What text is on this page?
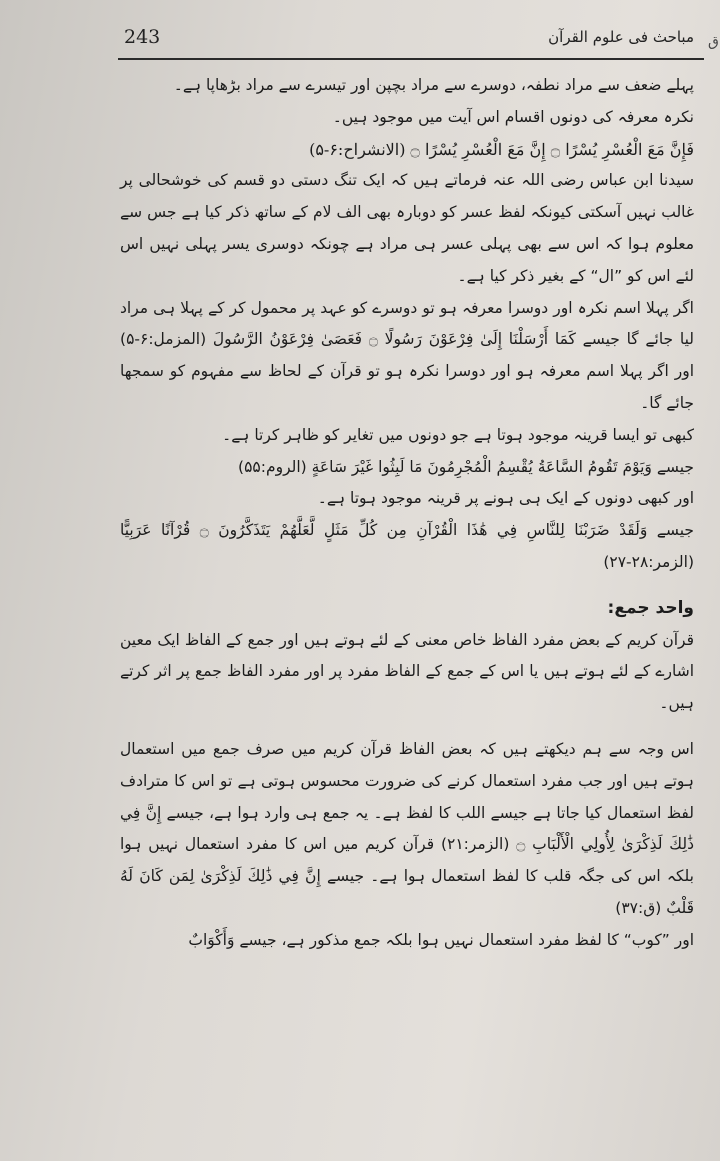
243	مباحث فی علوم القرآن ق

پہلے ضعف سے مراد نطفہ، دوسرے سے مراد بچپن اور تیسرے سے مراد بڑھاپا ہے۔

نکرہ معرفہ کی دونوں اقسام اس آیت میں موجود ہیں۔

فَإِنَّ مَعَ الْعُسْرِ يُسْرًا ۝ إِنَّ مَعَ الْعُسْرِ يُسْرًا ۝ (الانشراح:۶-۵)

سیدنا ابن عباس رضی اللہ عنہ فرماتے ہیں کہ ایک تنگ دستی دو قسم کی خوشحالی پر غالب نہیں آسکتی کیونکہ لفظ عسر کو دوبارہ بھی الف لام کے ساتھ ذکر کیا ہے جس سے معلوم ہوا کہ اس سے بھی پہلی عسر ہی مراد ہے چونکہ دوسری یسر پہلی نہیں اس لئے اس کو ”ال“ کے بغیر ذکر کیا ہے۔

اگر پہلا اسم نکرہ اور دوسرا معرفہ ہو تو دوسرے کو عہد پر محمول کر کے پہلا ہی مراد لیا جائے گا جیسے كَمَا أَرْسَلْنَا إِلَىٰ فِرْعَوْنَ رَسُولًا ۝ فَعَصَىٰ فِرْعَوْنُ الرَّسُولَ (المزمل:۶-۵) اور اگر پہلا اسم معرفہ ہو اور دوسرا نکرہ ہو تو قرآن کے لحاظ سے مفہوم کو سمجھا جائے گا۔

کبھی تو ایسا قرینہ موجود ہوتا ہے جو دونوں میں تغایر کو ظاہر کرتا ہے۔

جیسے وَيَوْمَ تَقُومُ السَّاعَةُ يُقْسِمُ الْمُجْرِمُونَ مَا لَبِثُوا غَيْرَ سَاعَةٍ (الروم:۵۵)

اور کبھی دونوں کے ایک ہی ہونے پر قرینہ موجود ہوتا ہے۔

جیسے وَلَقَدْ ضَرَبْنَا لِلنَّاسِ فِي هَٰذَا الْقُرْآنِ مِن كُلِّ مَثَلٍ لَّعَلَّهُمْ يَتَذَكَّرُونَ ۝ قُرْآنًا عَرَبِيًّا (الزمر:۲۸-۲۷)

واحد جمع:

قرآن کریم کے بعض مفرد الفاظ خاص معنی کے لئے ہوتے ہیں اور جمع کے الفاظ ایک معین اشارے کے لئے ہوتے ہیں یا اس کے جمع کے الفاظ مفرد پر اور مفرد الفاظ جمع پر اثر کرتے ہیں۔

اس وجہ سے ہم دیکھتے ہیں کہ بعض الفاظ قرآن کریم میں صرف جمع میں استعمال ہوتے ہیں اور جب مفرد استعمال کرنے کی ضرورت محسوس ہوتی ہے تو اس کا مترادف لفظ استعمال کیا جاتا ہے جیسے اللب کا لفظ ہے۔ یہ جمع ہی وارد ہوا ہے، جیسے إِنَّ فِي ذَٰلِكَ لَذِكْرَىٰ لِأُولِي الْأَلْبَابِ ۝ (الزمر:۲۱) قرآن کریم میں اس کا مفرد استعمال نہیں ہوا بلکہ اس کی جگہ قلب کا لفظ استعمال ہوا ہے۔ جیسے إِنَّ فِي ذَٰلِكَ لَذِكْرَىٰ لِمَن كَانَ لَهُ قَلْبٌ (ق:۳۷)

اور ”کوب“ کا لفظ مفرد استعمال نہیں ہوا بلکہ جمع مذکور ہے، جیسے وَأَكْوَابٌ
